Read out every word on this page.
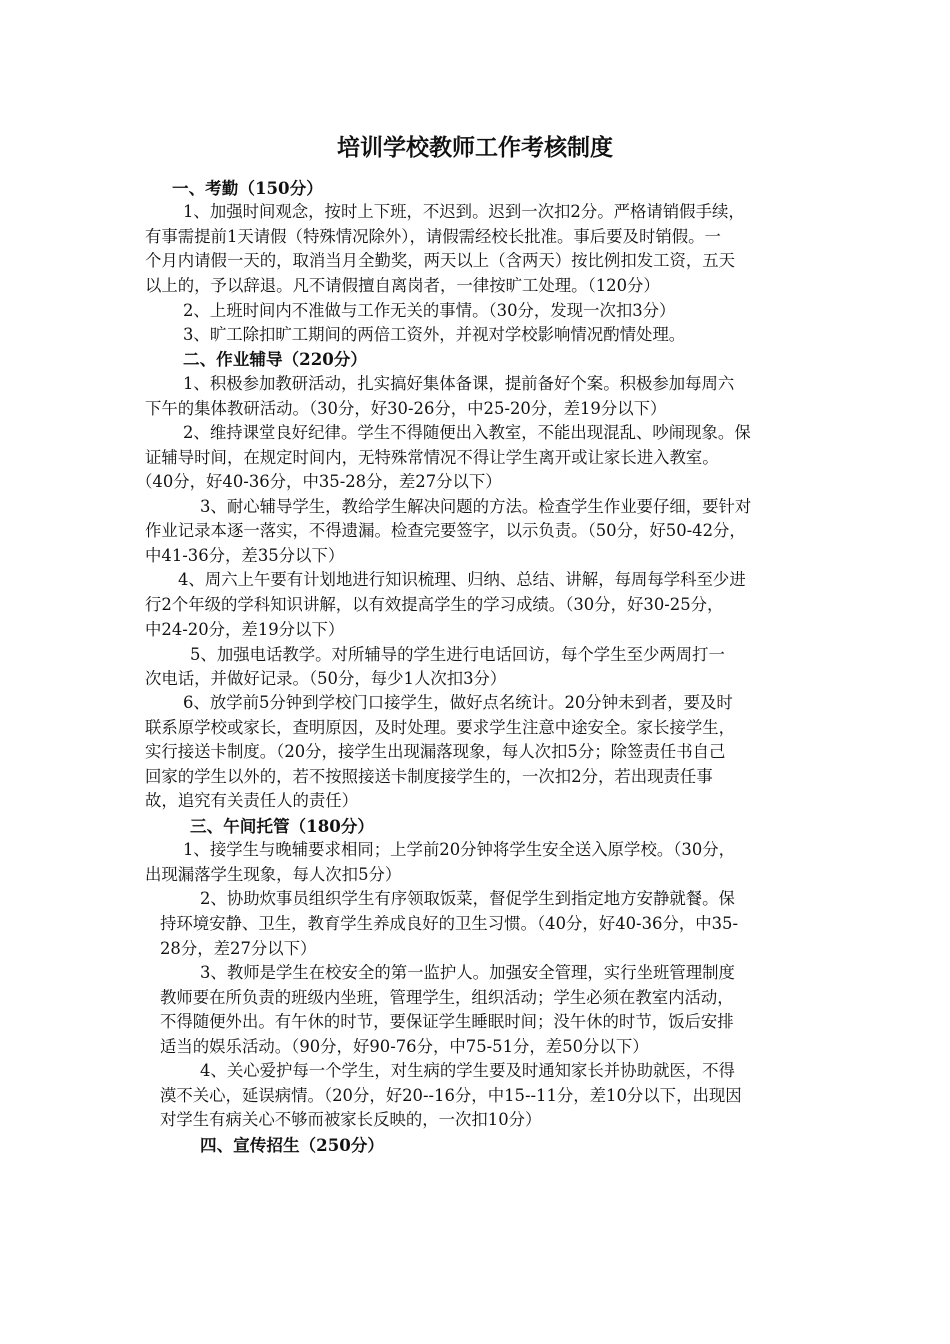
培训学校教师工作考核制度
一、考勤（150分）
1、加强时间观念，按时上下班，不迟到。迟到一次扣2分。严格请销假手续，
有事需提前1天请假（特殊情况除外），请假需经校长批准。事后要及时销假。一
个月内请假一天的，取消当月全勤奖，两天以上（含两天）按比例扣发工资，五天
以上的，予以辞退。凡不请假擅自离岗者，一律按旷工处理。（120分）
2、上班时间内不准做与工作无关的事情。（30分，发现一次扣3分）
3、旷工除扣旷工期间的两倍工资外，并视对学校影响情况酌情处理。
二、作业辅导（220分）
1、积极参加教研活动，扎实搞好集体备课，提前备好个案。积极参加每周六
下午的集体教研活动。（30分，好30-26分，中25-20分，差19分以下）
2、维持课堂良好纪律。学生不得随便出入教室，不能出现混乱、吵闹现象。保
证辅导时间，在规定时间内，无特殊常情况不得让学生离开或让家长进入教室。
（40分，好40-36分，中35-28分，差27分以下）
3、耐心辅导学生，教给学生解决问题的方法。检查学生作业要仔细，要针对
作业记录本逐一落实，不得遗漏。检查完要签字，以示负责。（50分，好50-42分，
中41-36分，差35分以下）
4、周六上午要有计划地进行知识梳理、归纳、总结、讲解，每周每学科至少进
行2个年级的学科知识讲解，以有效提高学生的学习成绩。（30分，好30-25分，
中24-20分，差19分以下）
5、加强电话教学。对所辅导的学生进行电话回访，每个学生至少两周打一
次电话，并做好记录。（50分，每少1人次扣3分）
6、放学前5分钟到学校门口接学生，做好点名统计。20分钟未到者，要及时
联系原学校或家长，查明原因，及时处理。要求学生注意中途安全。家长接学生，
实行接送卡制度。（20分，接学生出现漏落现象，每人次扣5分；除签责任书自己
回家的学生以外的，若不按照接送卡制度接学生的，一次扣2分，若出现责任事
故，追究有关责任人的责任）
三、午间托管（180分）
1、接学生与晚辅要求相同；上学前20分钟将学生安全送入原学校。（30分，
出现漏落学生现象，每人次扣5分）
2、协助炊事员组织学生有序领取饭菜，督促学生到指定地方安静就餐。保
持环境安静、卫生，教育学生养成良好的卫生习惯。（40分，好40-36分，中35-
28分，差27分以下）
3、教师是学生在校安全的第一监护人。加强安全管理，实行坐班管理制度
教师要在所负责的班级内坐班，管理学生，组织活动；学生必须在教室内活动，
不得随便外出。有午休的时节，要保证学生睡眠时间；没午休的时节，饭后安排
适当的娱乐活动。（90分，好90-76分，中75-51分，差50分以下）
4、关心爱护每一个学生，对生病的学生要及时通知家长并协助就医，不得
漠不关心，延误病情。（20分，好20--16分，中15--11分，差10分以下，出现因
对学生有病关心不够而被家长反映的，一次扣10分）
四、宣传招生（250分）
